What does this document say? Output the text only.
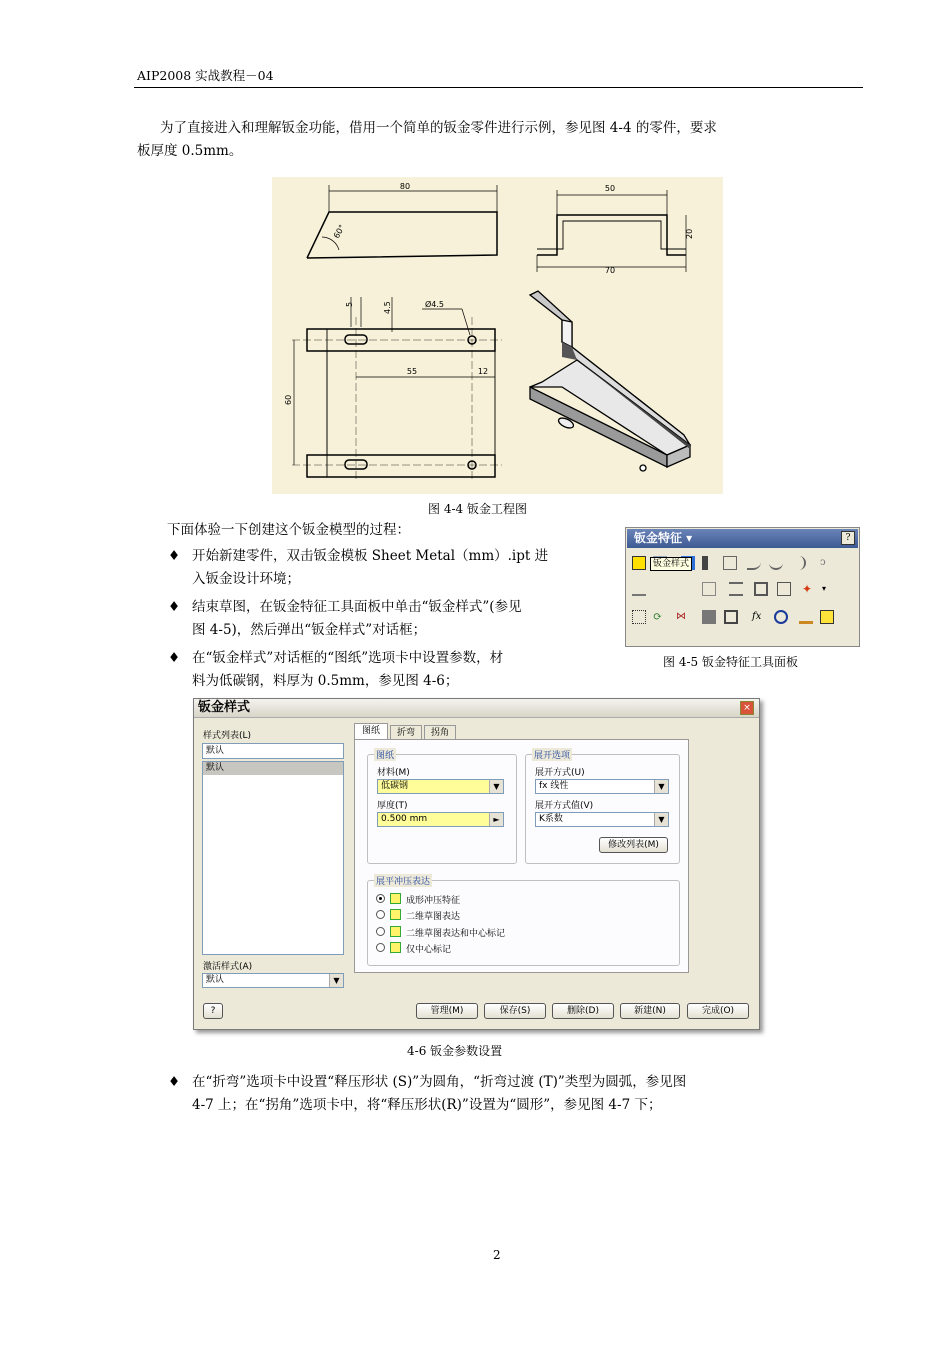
AIP2008 实战教程－04
为了直接进入和理解钣金功能，借用一个简单的钣金零件进行示例，参见图 4-4 的零件，要求
板厚度 0.5mm。
80
60°
50
20
70
5	4.5	Ø4.5
55	12
60
图 4-4 钣金工程图
下面体验一下创建这个钣金模型的过程：
♦ 开始新建零件，双击钣金模板 Sheet Metal（mm）.ipt 进
入钣金设计环境；
♦ 结束草图，在钣金特征工具面板中单击“钣金样式”(参见
图 4-5)，然后弹出“钣金样式”对话框；
♦ 在“钣金样式”对话框的“图纸”选项卡中设置参数，材
料为低碳钢，料厚为 0.5mm，参见图 4-6；
钣金特征 ▾	?
ↄ
✦	▾
⟳	⋈	fx
钣金样式
图 4-5 钣金特征工具面板
钣金样式	×
样式列表(L)
默认
默认
激活样式(A)
默认	▼
图纸	折弯	拐角
图纸
材料(M)
低碳钢	▼
厚度(T)
0.500 mm	►
展开选项
展开方式(U)
fx 线性	▼
展开方式值(V)
K系数	▼
修改列表(M)
展平冲压表达
成形冲压特征
二维草图表达
二维草图表达和中心标记
仅中心标记
?	管理(M)	保存(S)	删除(D)	新建(N)	完成(O)
4-6 钣金参数设置
♦ 在“折弯”选项卡中设置“释压形状 (S)”为圆角，“折弯过渡 (T)”类型为圆弧，参见图
4-7 上；在“拐角”选项卡中，将“释压形状(R)”设置为“圆形”，参见图 4-7 下；
2
